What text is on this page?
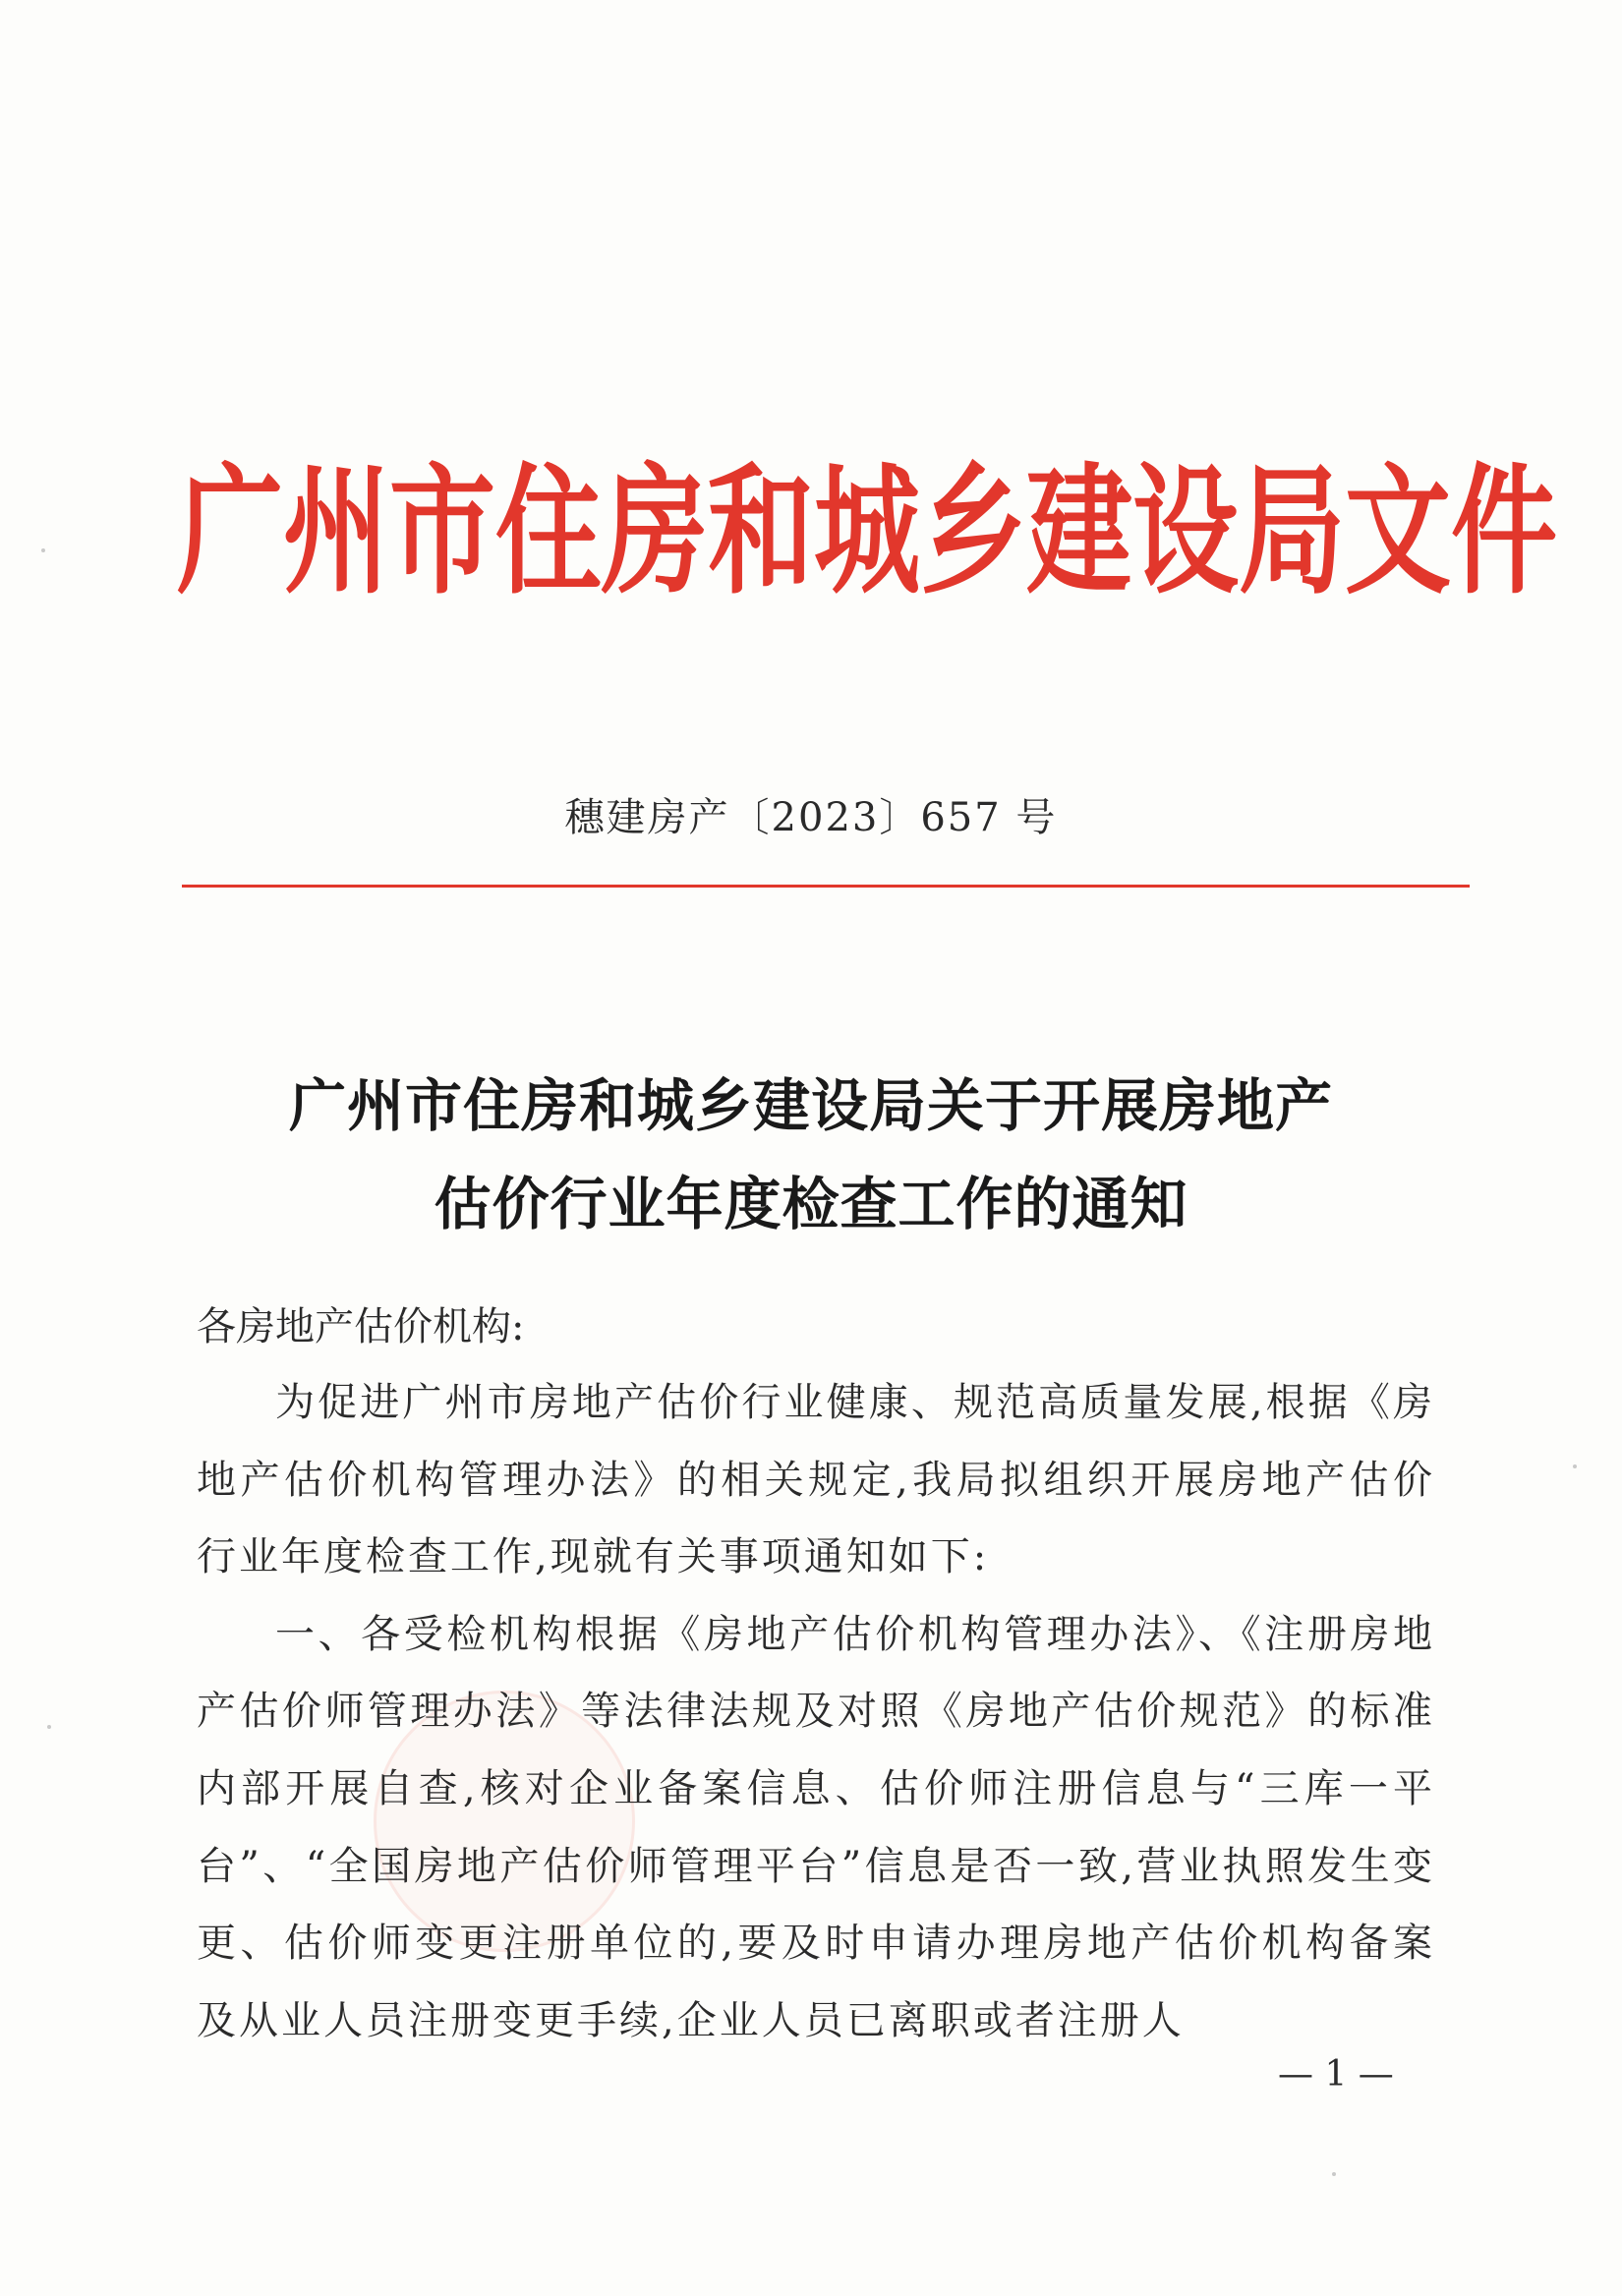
广州市住房和城乡建设局文件
穗建房产〔2023〕657 号
广州市住房和城乡建设局关于开展房地产
估价行业年度检查工作的通知
各房地产估价机构:

为促进广州市房地产估价行业健康、规范高质量发展,根据《房地产估价机构管理办法》的相关规定,我局拟组织开展房地产估价行业年度检查工作,现就有关事项通知如下:

一、各受检机构根据《房地产估价机构管理办法》、《注册房地产估价师管理办法》等法律法规及对照《房地产估价规范》的标准内部开展自查,核对企业备案信息、估价师注册信息与“三库一平台”、“全国房地产估价师管理平台”信息是否一致,营业执照发生变更、估价师变更注册单位的,要及时申请办理房地产估价机构备案及从业人员注册变更手续,企业人员已离职或者注册人

— 1 —
